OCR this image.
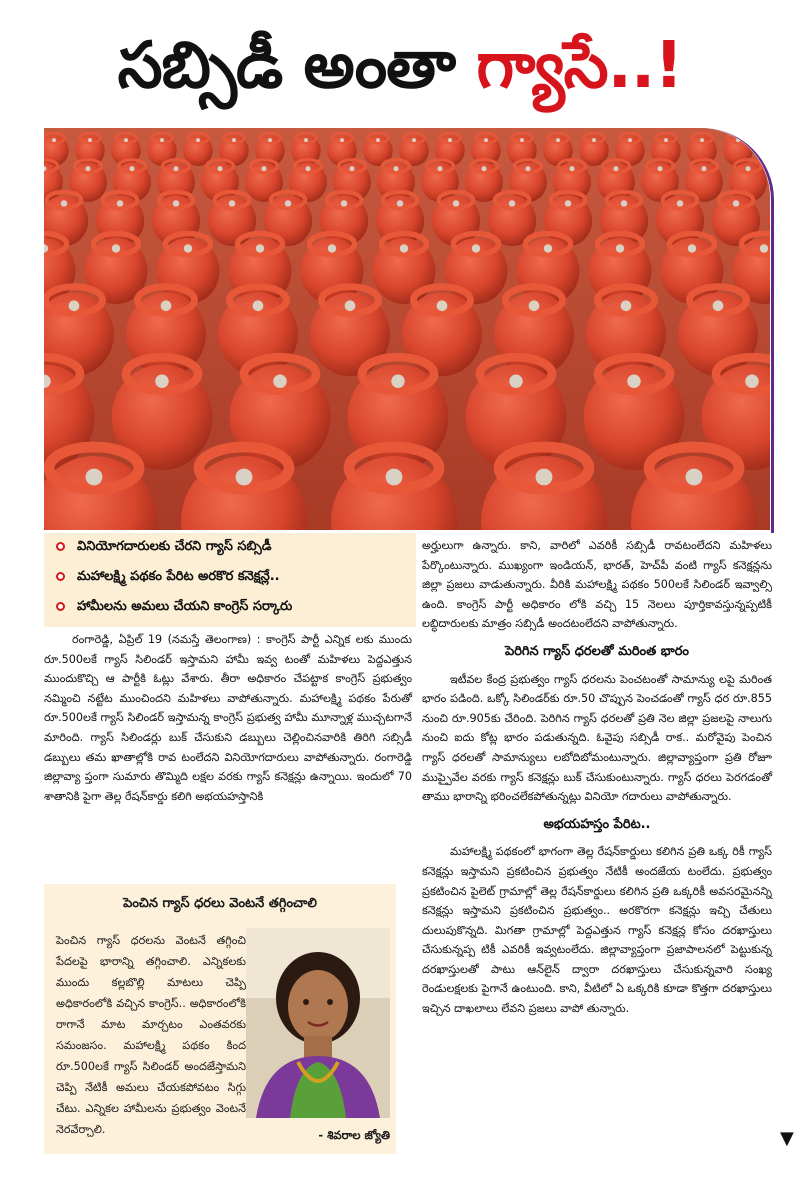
సబ్సిడీ అంతా గ్యాసే..!
వినియోగదారులకు చేరని గ్యాస్ సబ్సిడీ
మహాలక్ష్మి పథకం పేరిట అరకొర కనెక్షన్లే..
హామీలను అమలు చేయని కాంగ్రెస్ సర్కారు

రంగారెడ్డి, ఏప్రిల్ 19 (నమస్తే తెలంగాణ) : కాంగ్రెస్ పార్టీ ఎన్నిక లకు ముందు రూ.500లకే గ్యాస్ సిలిండర్ ఇస్తామని హామీ ఇవ్వ టంతో మహిళలు పెద్దఎత్తున ముందుకొచ్చి ఆ పార్టీకి ఓట్లు వేశారు. తీరా అధికారం చేపట్టాక కాంగ్రెస్ ప్రభుత్వం నమ్మించి నట్టేట ముంచిందని మహిళలు వాపోతున్నారు. మహాలక్ష్మి పథకం పేరుతో రూ.500లకే గ్యాస్ సిలిండర్ ఇస్తామన్న కాంగ్రెస్ ప్రభుత్వ హామీ మూన్నాళ్ల ముచ్చటగానే మారింది. గ్యాస్ సిలిండర్లు బుక్ చేసుకుని డబ్బులు చెల్లించినవారికి తిరిగి సబ్సిడీ డబ్బులు తమ ఖాతాల్లోకి రావ టంలేదని వినియోగదారులు వాపోతున్నారు. రంగారెడ్డి జిల్లావ్యా ప్తంగా సుమారు తొమ్మిది లక్షల వరకు గ్యాస్ కనెక్షన్లు ఉన్నాయి. ఇందులో 70 శాతానికి పైగా తెల్ల రేషన్‌కార్డు కలిగి అభయహస్తానికి

పెంచిన గ్యాస్ ధరలు వెంటనే తగ్గించాలి
పెంచిన గ్యాస్ ధరలను వెంటనే తగ్గించి పేదలపై భారాన్ని తగ్గించాలి. ఎన్నికలకు ముందు కల్లబొల్లి మాటలు చెప్పి అధికారంలోకి వచ్చిన కాంగ్రెస్.. అధికారంలోకి రాగానే మాట మార్చటం ఎంతవరకు సమంజసం. మహాలక్ష్మి పథకం కింద రూ.500లకే గ్యాస్ సిలిండర్ అందజేస్తామని చెప్పి నేటికీ అమలు చేయకపోవటం సిగ్గు చేటు. ఎన్నికల హామీలను ప్రభుత్వం వెంటనే నెరవేర్చాలి.	- శివరాల జ్యోతి

అర్హులుగా ఉన్నారు. కాని, వారిలో ఎవరికీ సబ్సిడీ రావటంలేదని మహిళలు పేర్కొంటున్నారు. ముఖ్యంగా ఇండియన్, భారత్, హెచ్‌పీ వంటి గ్యాస్ కనెక్షన్లను జిల్లా ప్రజలు వాడుతున్నారు. వీరికి మహాలక్ష్మి పథకం 500లకే సిలిండర్ ఇవ్వాల్సి ఉంది. కాంగ్రెస్ పార్టీ అధికారం లోకి వచ్చి 15 నెలలు పూర్తికావస్తున్నప్పటికీ లబ్ధిదారులకు మాత్రం సబ్సిడీ అందటంలేదని వాపోతున్నారు.

పెరిగిన గ్యాస్ ధరలతో మరింత భారం

ఇటీవల కేంద్ర ప్రభుత్వం గ్యాస్ ధరలను పెంచటంతో సామాన్యు లపై మరింత భారం పడింది. ఒక్కో సిలిండర్‌కు రూ.50 చొప్పున పెంచడంతో గ్యాస్ ధర రూ.855 నుంచి రూ.905కు చేరింది. పెరిగిన గ్యాస్ ధరలతో ప్రతి నెల జిల్లా ప్రజలపై నాలుగు నుంచి ఐదు కోట్ల భారం పడుతున్నది. ఓవైపు సబ్సిడీ రాక.. మరోవైపు పెంచిన గ్యాస్ ధరలతో సామాన్యులు లబోదిబోమంటున్నారు. జిల్లావ్యాప్తంగా ప్రతి రోజూ ముప్పైవేల వరకు గ్యాస్ కనెక్షన్లు బుక్ చేసుకుంటున్నారు. గ్యాస్ ధరలు పెరగడంతో తాము భారాన్ని భరించలేకపోతున్నట్లు వినియో గదారులు వాపోతున్నారు.

అభయహస్తం పేరిట..

మహాలక్ష్మి పథకంలో భాగంగా తెల్ల రేషన్‌కార్డులు కలిగిన ప్రతి ఒక్క రికీ గ్యాస్ కనెక్షన్లు ఇస్తామని ప్రకటించిన ప్రభుత్వం నేటికీ అందజేయ టంలేదు. ప్రభుత్వం ప్రకటించిన పైలెట్ గ్రామాల్లో తెల్ల రేషన్‌కార్డులు కలిగిన ప్రతి ఒక్కరికీ అవసరమైనన్ని కనెక్షన్లు ఇస్తామని ప్రకటించిన ప్రభుత్వం.. అరకొరగా కనెక్షన్లు ఇచ్చి చేతులు దులుపుకొన్నది. మిగతా గ్రామాల్లో పెద్దఎత్తున గ్యాస్ కనెక్షన్ల కోసం దరఖాస్తులు చేసుకున్నప్ప టికీ ఎవరికీ ఇవ్వటంలేదు. జిల్లావ్యాప్తంగా ప్రజాపాలనలో పెట్టుకున్న దరఖాస్తులతో పాటు ఆన్‌లైన్ ద్వారా దరఖాస్తులు చేసుకున్నవారి సంఖ్య రెండులక్షలకు పైగానే ఉంటుంది. కాని, వీటిలో ఏ ఒక్కరికి కూడా కొత్తగా దరఖాస్తులు ఇచ్చిన దాఖలాలు లేవని ప్రజలు వాపో తున్నారు.

▼
